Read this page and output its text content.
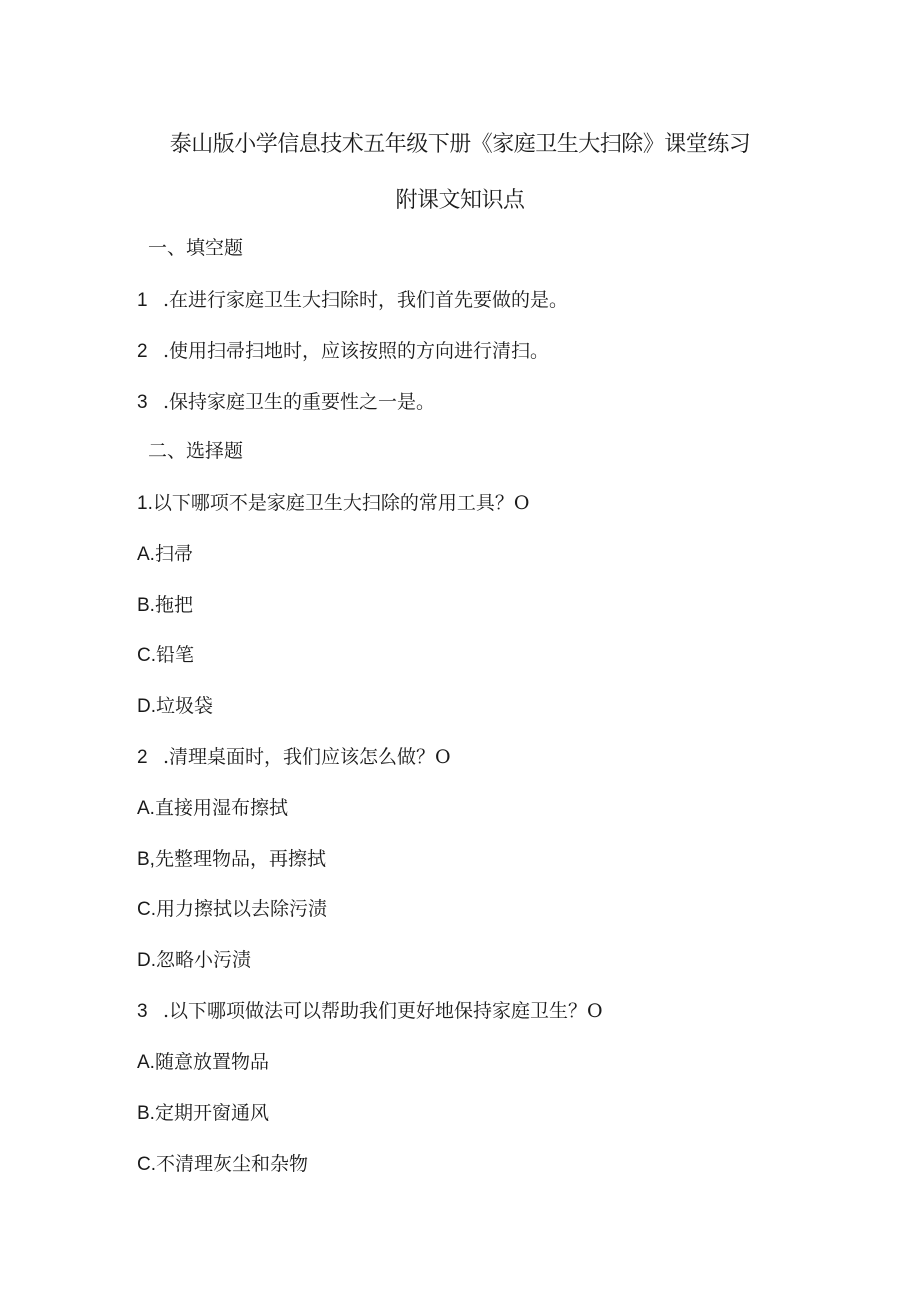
泰山版小学信息技术五年级下册《家庭卫生大扫除》课堂练习
附课文知识点
一、填空题
1 .在进行家庭卫生大扫除时，我们首先要做的是。
2 .使用扫帚扫地时，应该按照的方向进行清扫。
3 .保持家庭卫生的重要性之一是。
二、选择题
1.以下哪项不是家庭卫生大扫除的常用工具？O
A.扫帚
B.拖把
C.铅笔
D.垃圾袋
2 .清理桌面时，我们应该怎么做？O
A.直接用湿布擦拭
B,先整理物品，再擦拭
C.用力擦拭以去除污渍
D.忽略小污渍
3 .以下哪项做法可以帮助我们更好地保持家庭卫生？O
A.随意放置物品
B.定期开窗通风
C.不清理灰尘和杂物
